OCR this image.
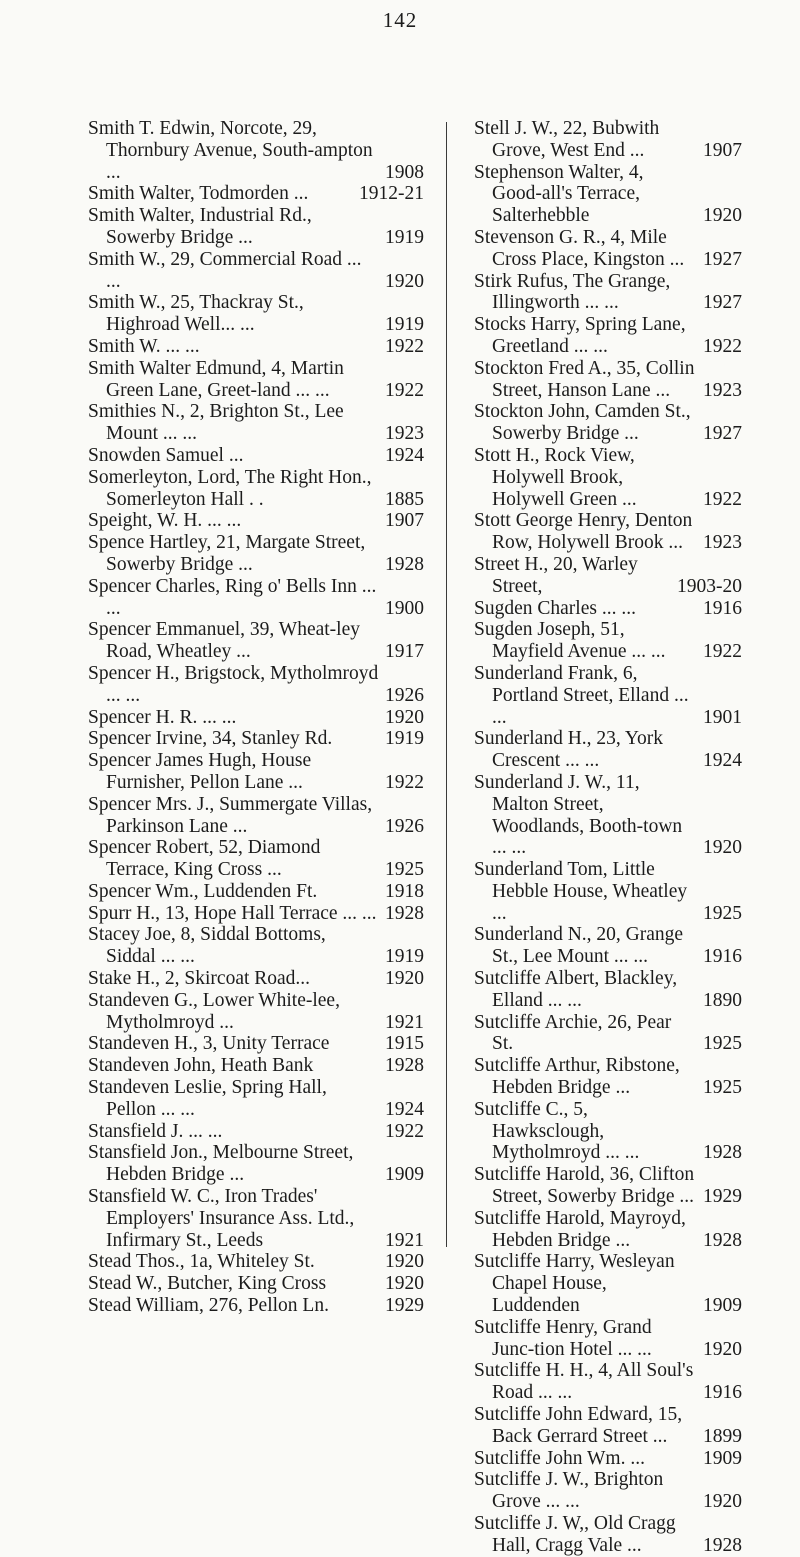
142
Smith T. Edwin, Norcote, 29, Thornbury Avenue, South-ampton ...	1908
Smith Walter, Todmorden ...	1912-21
Smith Walter, Industrial Rd., Sowerby Bridge ...	1919
Smith W., 29, Commercial Road ... ...	1920
Smith W., 25, Thackray St., Highroad Well... ...	1919
Smith W. ... ...	1922
Smith Walter Edmund, 4, Martin Green Lane, Greet-land ... ...	1922
Smithies N., 2, Brighton St., Lee Mount ... ...	1923
Snowden Samuel ...	1924
Somerleyton, Lord, The Right Hon., Somerleyton Hall . .	1885
Speight, W. H. ... ...	1907
Spence Hartley, 21, Margate Street, Sowerby Bridge ...	1928
Spencer Charles, Ring o' Bells Inn ... ...	1900
Spencer Emmanuel, 39, Wheat-ley Road, Wheatley ...	1917
Spencer H., Brigstock, Mytholmroyd ... ...	1926
Spencer H. R. ... ...	1920
Spencer Irvine, 34, Stanley Rd.	1919
Spencer James Hugh, House Furnisher, Pellon Lane ...	1922
Spencer Mrs. J., Summergate Villas, Parkinson Lane ...	1926
Spencer Robert, 52, Diamond Terrace, King Cross ...	1925
Spencer Wm., Luddenden Ft.	1918
Spurr H., 13, Hope Hall Terrace ... ... 1928
Stacey Joe, 8, Siddal Bottoms, Siddal ... ...	1919
Stake H., 2, Skircoat Road...	1920
Standeven G., Lower White-lee, Mytholmroyd ...	1921
Standeven H., 3, Unity Terrace	1915
Standeven John, Heath Bank	1928
Standeven Leslie, Spring Hall, Pellon ... ...	1924
Stansfield J. ... ...	1922
Stansfield Jon., Melbourne Street, Hebden Bridge ...	1909
Stansfield W. C., Iron Trades' Employers' Insurance Ass. Ltd., Infirmary St., Leeds	1921
Stead Thos., 1a, Whiteley St.	1920
Stead W., Butcher, King Cross	1920
Stead William, 276, Pellon Ln.	1929
Stell J. W., 22, Bubwith Grove, West End ...	1907
Stephenson Walter, 4, Good-all's Terrace, Salterhebble	1920
Stevenson G. R., 4, Mile Cross Place, Kingston ... 1927
Stirk Rufus, The Grange, Illingworth ... ...	1927
Stocks Harry, Spring Lane, Greetland ... ...	1922
Stockton Fred A., 35, Collin Street, Hanson Lane ...	1923
Stockton John, Camden St., Sowerby Bridge ...	1927
Stott H., Rock View, Holywell Brook, Holywell Green ...	1922
Stott George Henry, Denton Row, Holywell Brook ...	1923
Street H., 20, Warley Street,	1903-20
Sugden Charles ... ...	1916
Sugden Joseph, 51, Mayfield Avenue ... ...	1922
Sunderland Frank, 6, Portland Street, Elland ... ...	1901
Sunderland H., 23, York Crescent ... ...	1924
Sunderland J. W., 11, Malton Street, Woodlands, Booth-town ... ...	1920
Sunderland Tom, Little Hebble House, Wheatley ...	1925
Sunderland N., 20, Grange St., Lee Mount ... ...	1916
Sutcliffe Albert, Blackley, Elland ... ...	1890
Sutcliffe Archie, 26, Pear St.	1925
Sutcliffe Arthur, Ribstone, Hebden Bridge ...	1925
Sutcliffe C., 5, Hawksclough, Mytholmroyd ... ...	1928
Sutcliffe Harold, 36, Clifton Street, Sowerby Bridge ... 1929
Sutcliffe Harold, Mayroyd, Hebden Bridge ...	1928
Sutcliffe Harry, Wesleyan Chapel House, Luddenden	1909
Sutcliffe Henry, Grand Junc-tion Hotel ... ...	1920
Sutcliffe H. H., 4, All Soul's Road ... ...	1916
Sutcliffe John Edward, 15, Back Gerrard Street ...	1899
Sutcliffe John Wm. ...	1909
Sutcliffe J. W., Brighton Grove ... ...	1920
Sutcliffe J. W,, Old Cragg Hall, Cragg Vale ...	1928
